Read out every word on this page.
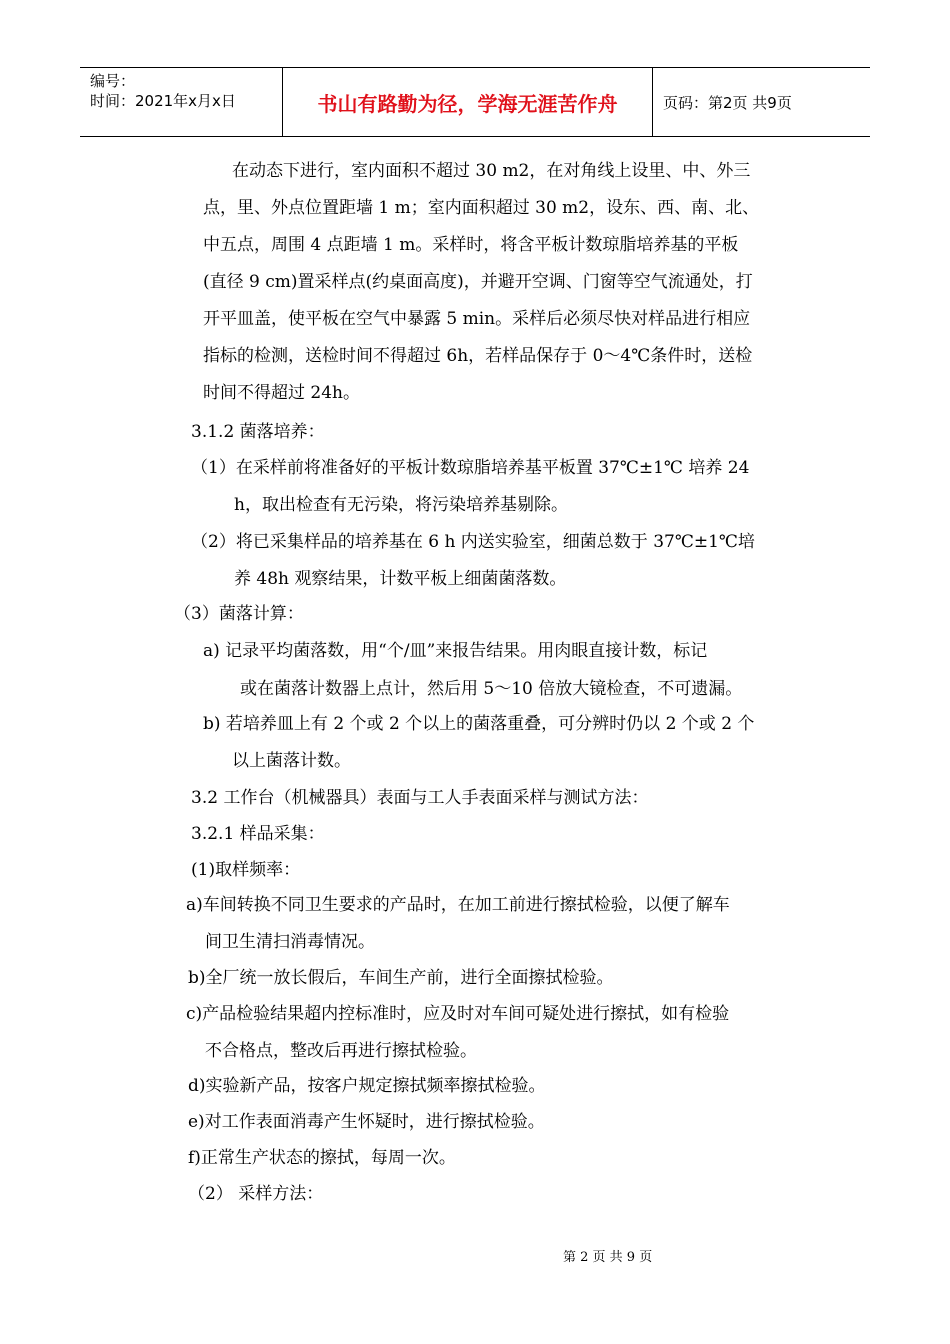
编号：
时间：2021年x月x日	书山有路勤为径，学海无涯苦作舟	页码：第2页 共9页
在动态下进行，室内面积不超过 30 m2，在对角线上设里、中、外三
点，里、外点位置距墙 1 m；室内面积超过 30 m2，设东、西、南、北、
中五点，周围 4 点距墙 1 m。采样时，将含平板计数琼脂培养基的平板
(直径 9 cm)置采样点(约桌面高度)，并避开空调、门窗等空气流通处，打
开平皿盖，使平板在空气中暴露 5 min。采样后必须尽快对样品进行相应
指标的检测，送检时间不得超过 6h，若样品保存于 0～4℃条件时，送检
时间不得超过 24h。
3.1.2 菌落培养：
（1）在采样前将准备好的平板计数琼脂培养基平板置 37℃±1℃ 培养 24
h，取出检查有无污染，将污染培养基剔除。
（2）将已采集样品的培养基在 6 h 内送实验室，细菌总数于 37℃±1℃培
养 48h 观察结果，计数平板上细菌菌落数。
（3）菌落计算：
a) 记录平均菌落数，用“个/皿”来报告结果。用肉眼直接计数，标记
或在菌落计数器上点计，然后用 5～10 倍放大镜检查，不可遗漏。
b) 若培养皿上有 2 个或 2 个以上的菌落重叠，可分辨时仍以 2 个或 2 个
以上菌落计数。
3.2 工作台（机械器具）表面与工人手表面采样与测试方法：
3.2.1 样品采集：
(1)取样频率：
a)车间转换不同卫生要求的产品时，在加工前进行擦拭检验，以便了解车
间卫生清扫消毒情况。
b)全厂统一放长假后，车间生产前，进行全面擦拭检验。
c)产品检验结果超内控标准时，应及时对车间可疑处进行擦拭，如有检验
不合格点，整改后再进行擦拭检验。
d)实验新产品，按客户规定擦拭频率擦拭检验。
e)对工作表面消毒产生怀疑时，进行擦拭检验。
f)正常生产状态的擦拭，每周一次。
（2） 采样方法：
第 2 页 共 9 页
